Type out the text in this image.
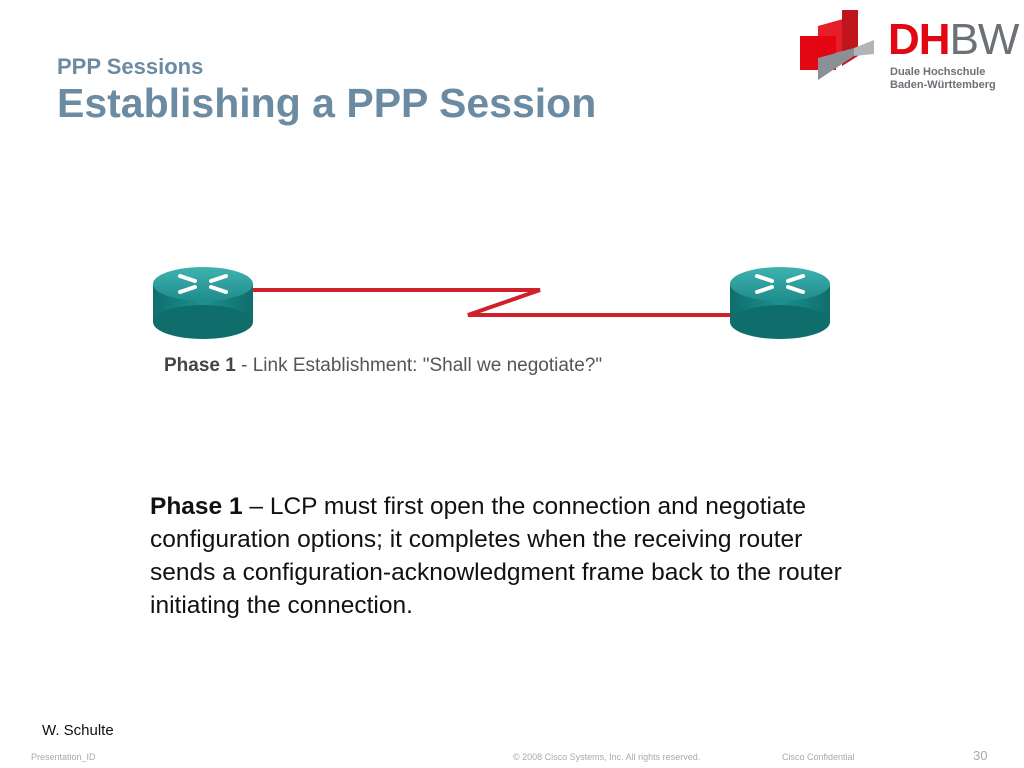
PPP Sessions
Establishing a PPP Session
DHBW
Duale Hochschule
Baden-Württemberg
Phase 1 - Link Establishment: "Shall we negotiate?"
Phase 1 – LCP must first open the connection and negotiate configuration options; it completes when the receiving router sends a configuration-acknowledgment frame back to the router initiating the connection.
W. Schulte
Presentation_ID	© 2008 Cisco Systems, Inc. All rights reserved.	Cisco Confidential	30
